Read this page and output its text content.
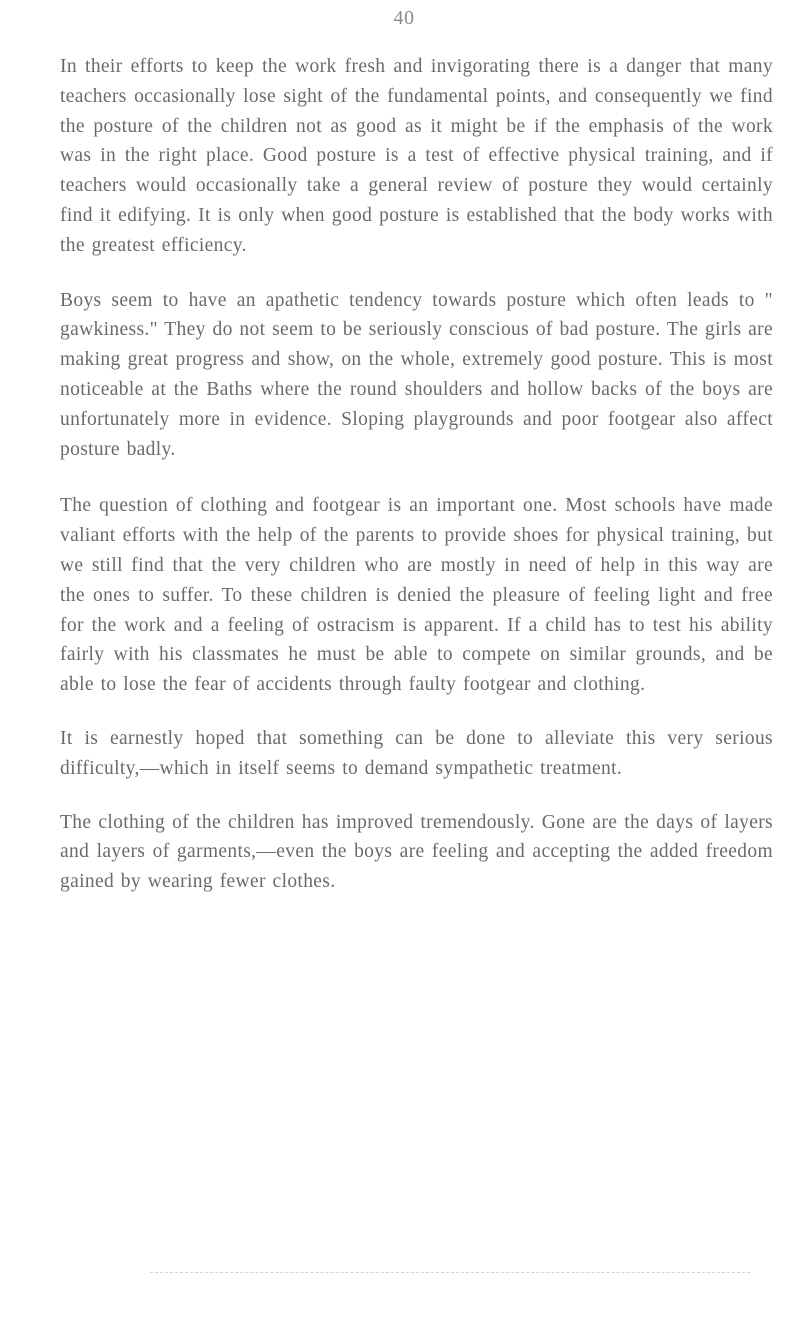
40

In their efforts to keep the work fresh and invigorating there is a danger that many teachers occasionally lose sight of the fundamental points, and consequently we find the posture of the children not as good as it might be if the emphasis of the work was in the right place. Good posture is a test of effective physical training, and if teachers would occasionally take a general review of posture they would certainly find it edifying. It is only when good posture is established that the body works with the greatest efficiency.

Boys seem to have an apathetic tendency towards posture which often leads to " gawkiness." They do not seem to be seriously conscious of bad posture. The girls are making great progress and show, on the whole, extremely good posture. This is most noticeable at the Baths where the round shoulders and hollow backs of the boys are unfortunately more in evidence. Sloping playgrounds and poor footgear also affect posture badly.

The question of clothing and footgear is an important one. Most schools have made valiant efforts with the help of the parents to provide shoes for physical training, but we still find that the very children who are mostly in need of help in this way are the ones to suffer. To these children is denied the pleasure of feeling light and free for the work and a feeling of ostracism is apparent. If a child has to test his ability fairly with his classmates he must be able to compete on similar grounds, and be able to lose the fear of accidents through faulty footgear and clothing.

It is earnestly hoped that something can be done to alleviate this very serious difficulty,—which in itself seems to demand sympathetic treatment.

The clothing of the children has improved tremendously. Gone are the days of layers and layers of garments,—even the boys are feeling and accepting the added freedom gained by wearing fewer clothes.
